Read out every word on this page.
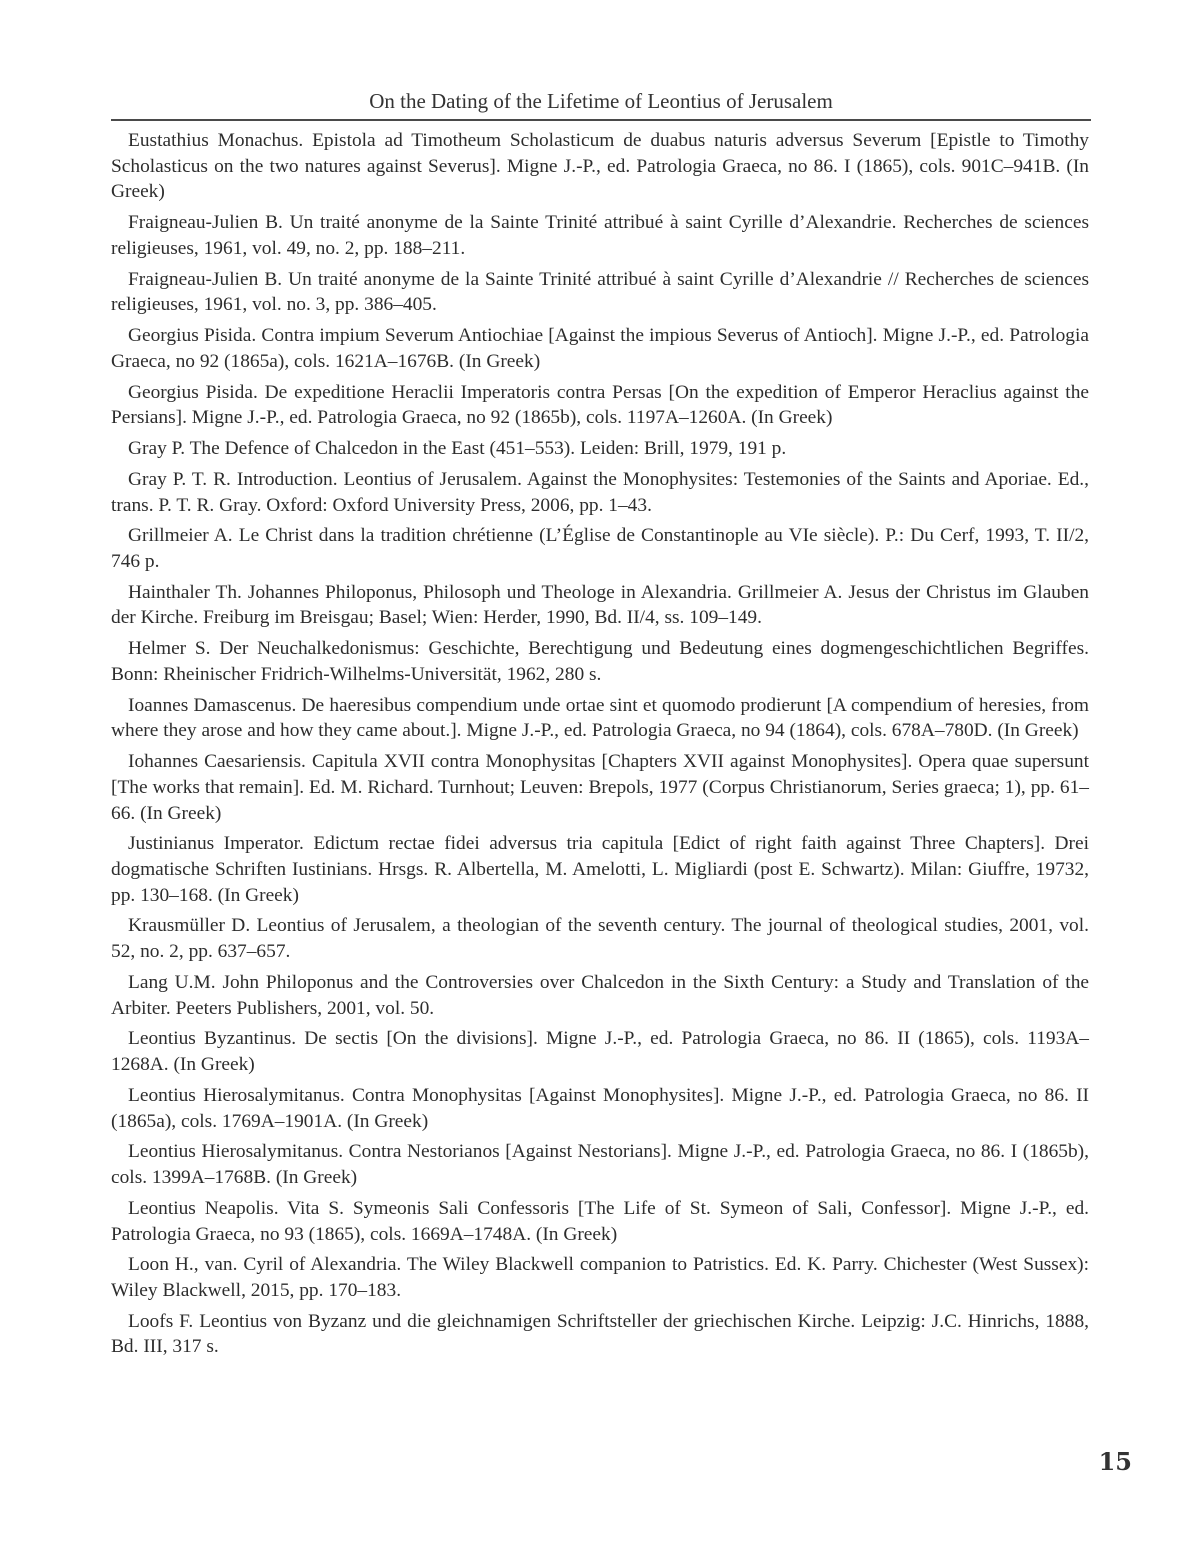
On the Dating of the Lifetime of Leontius of Jerusalem
Eustathius Monachus. Epistola ad Timotheum Scholasticum de duabus naturis adversus Severum [Epistle to Timothy Scholasticus on the two natures against Severus]. Migne J.-P., ed. Patrologia Graeca, no 86. I (1865), cols. 901C–941B. (In Greek)
Fraigneau-Julien B. Un traité anonyme de la Sainte Trinité attribué à saint Cyrille d’Alexandrie. Recherches de sciences religieuses, 1961, vol. 49, no. 2, pp. 188–211.
Fraigneau-Julien B. Un traité anonyme de la Sainte Trinité attribué à saint Cyrille d’Alexandrie // Recherches de sciences religieuses, 1961, vol. no. 3, pp. 386–405.
Georgius Pisida. Contra impium Severum Antiochiae [Against the impious Severus of Antioch]. Migne J.-P., ed. Patrologia Graeca, no 92 (1865a), cols. 1621A–1676B. (In Greek)
Georgius Pisida. De expeditione Heraclii Imperatoris contra Persas [On the expedition of Emperor Heraclius against the Persians]. Migne J.-P., ed. Patrologia Graeca, no 92 (1865b), cols. 1197A–1260A. (In Greek)
Gray P. The Defence of Chalcedon in the East (451–553). Leiden: Brill, 1979, 191 p.
Gray P. T. R. Introduction. Leontius of Jerusalem. Against the Monophysites: Testemonies of the Saints and Aporiae. Ed., trans. P. T. R. Gray. Oxford: Oxford University Press, 2006, pp. 1–43.
Grillmeier A. Le Christ dans la tradition chrétienne (L’Église de Constantinople au VIe siècle). P.: Du Cerf, 1993, T. II/2, 746 p.
Hainthaler Th. Johannes Philoponus, Philosoph und Theologe in Alexandria. Grillmeier A. Jesus der Christus im Glauben der Kirche. Freiburg im Breisgau; Basel; Wien: Herder, 1990, Bd. II/4, ss. 109–149.
Helmer S. Der Neuchalkedonismus: Geschichte, Berechtigung und Bedeutung eines dogmengeschichtlichen Begriffes. Bonn: Rheinischer Fridrich-Wilhelms-Universität, 1962, 280 s.
Ioannes Damascenus. De haeresibus compendium unde ortae sint et quomodo prodierunt [A compendium of heresies, from where they arose and how they came about.]. Migne J.-P., ed. Patrologia Graeca, no 94 (1864), cols. 678A–780D. (In Greek)
Iohannes Caesariensis. Capitula XVII contra Monophysitas [Chapters XVII against Monophysites]. Opera quae supersunt [The works that remain]. Ed. M. Richard. Turnhout; Leuven: Brepols, 1977 (Corpus Christianorum, Series graeca; 1), pp. 61–66. (In Greek)
Justinianus Imperator. Edictum rectae fidei adversus tria capitula [Edict of right faith against Three Chapters]. Drei dogmatische Schriften Iustinians. Hrsgs. R. Albertella, M. Amelotti, L. Migliardi (post E. Schwartz). Milan: Giuffre, 19732, pp. 130–168. (In Greek)
Krausmüller D. Leontius of Jerusalem, a theologian of the seventh century. The journal of theological studies, 2001, vol. 52, no. 2, pp. 637–657.
Lang U.M. John Philoponus and the Controversies over Chalcedon in the Sixth Century: a Study and Translation of the Arbiter. Peeters Publishers, 2001, vol. 50.
Leontius Byzantinus. De sectis [On the divisions]. Migne J.-P., ed. Patrologia Graeca, no 86. II (1865), cols. 1193A–1268A. (In Greek)
Leontius Hierosalymitanus. Contra Monophysitas [Against Monophysites]. Migne J.-P., ed. Patrologia Graeca, no 86. II (1865a), cols. 1769A–1901A. (In Greek)
Leontius Hierosalymitanus. Contra Nestorianos [Against Nestorians]. Migne J.-P., ed. Patrologia Graeca, no 86. I (1865b), cols. 1399A–1768B. (In Greek)
Leontius Neapolis. Vita S. Symeonis Sali Confessoris [The Life of St. Symeon of Sali, Confessor]. Migne J.-P., ed. Patrologia Graeca, no 93 (1865), cols. 1669A–1748A. (In Greek)
Loon H., van. Cyril of Alexandria. The Wiley Blackwell companion to Patristics. Ed. K. Parry. Chichester (West Sussex): Wiley Blackwell, 2015, pp. 170–183.
Loofs F. Leontius von Byzanz und die gleichnamigen Schriftsteller der griechischen Kirche. Leipzig: J.C. Hinrichs, 1888, Bd. III, 317 s.
15
